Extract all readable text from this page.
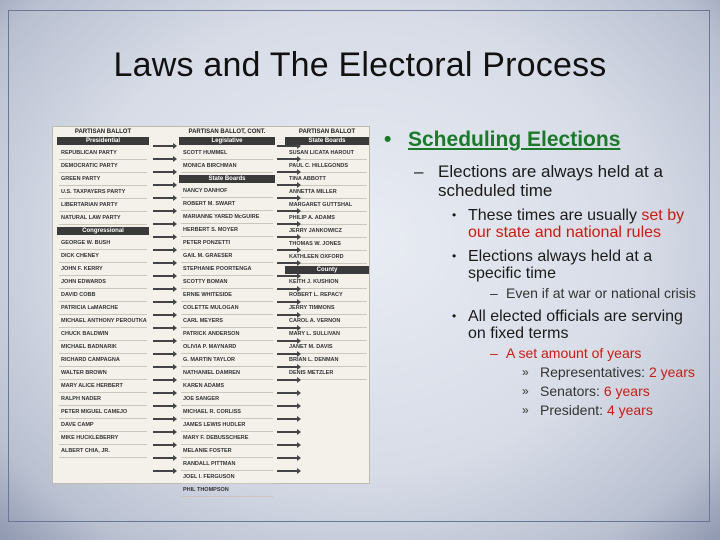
Laws and The Electoral Process
PARTISAN BALLOT
Presidential
REPUBLICAN PARTY
DEMOCRATIC PARTY
GREEN PARTY
U.S. TAXPAYERS PARTY
LIBERTARIAN PARTY
NATURAL LAW PARTY
Congressional
GEORGE W. BUSH
DICK CHENEY
JOHN F. KERRY
JOHN EDWARDS
DAVID COBB
PATRICIA LaMARCHE
MICHAEL ANTHONY PEROUTKA
CHUCK BALDWIN
MICHAEL BADNARIK
RICHARD CAMPAGNA
WALTER BROWN
MARY ALICE HERBERT
RALPH NADER
PETER MIGUEL CAMEJO
DAVE CAMP
MIKE HUCKLEBERRY
ALBERT CHIA, JR.
PARTISAN BALLOT, CONT.
Legislative
SCOTT HUMMEL
MONICA BIRCHMAN
State Boards
NANCY DANHOF
ROBERT M. SWART
MARIANNE YARED McGUIRE
HERBERT S. MOYER
PETER PONZETTI
GAIL M. GRAESER
STEPHANIE POORTENGA
SCOTTY BOMAN
ERNIE WHITESIDE
COLETTE MULOGAN
CARL MEYERS
PATRICK ANDERSON
OLIVIA P. MAYNARD
G. MARTIN TAYLOR
NATHANIEL DAMREN
KAREN ADAMS
JOE SANGER
MICHAEL R. CORLISS
JAMES LEWIS HUDLER
MARY F. DEBUSSCHERE
MELANIE FOSTER
RANDALL PITTMAN
JOEL I. FERGUSON
PHIL THOMPSON
PARTISAN BALLOT
State Boards
SUSAN LICATA HAROUT
PAUL C. HILLEGONDS
TINA ABBOTT
ANNETTA MILLER
MARGARET GUTTSHAL
PHILIP A. ADAMS
JERRY JANKOWICZ
THOMAS W. JONES
KATHLEEN OXFORD
County
KEITH J. KUSHION
ROBERT L. REPACY
JERRY TIMMONS
CAROL A. VERNON
MARY L. SULLIVAN
JANET M. DAVIS
BRIAN L. DENMAN
DENIS METZLER
• Scheduling Elections
– Elections are always held at a scheduled time
• These times are usually set by our state and national rules
• Elections always held at a specific time
– Even if at war or national crisis
• All elected officials are serving on fixed terms
– A set amount of years
» Representatives: 2 years
» Senators: 6 years
» President: 4 years
